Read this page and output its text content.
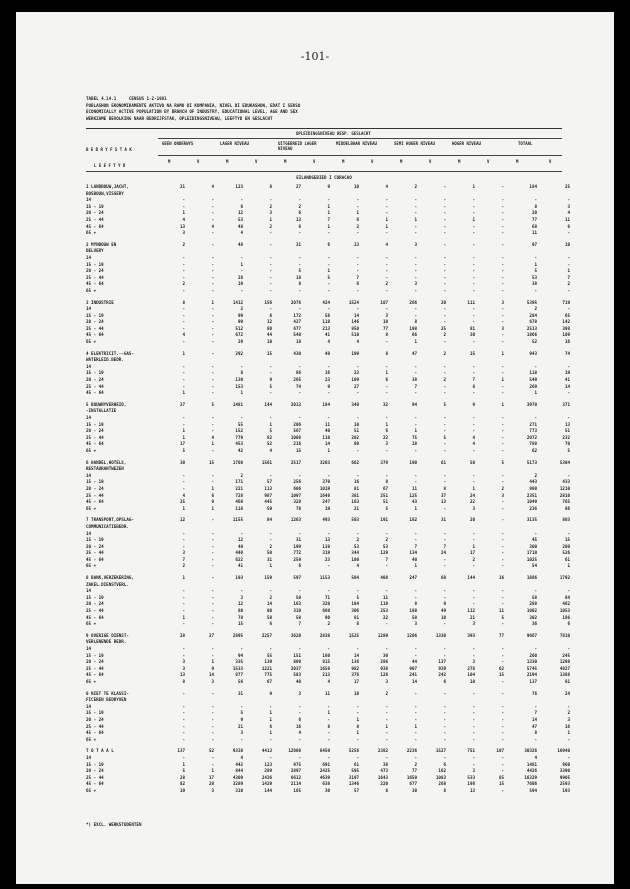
-101-
TABEL 4.14.1     CENSUS 1-2-1981
POBLASHON EKONOMIKAMENTE AKTIVO NA RAMO DI KOMPANIA, NIVEL DI EDUKASHON, EDAT I SEKSO
ECONOMICALLY ACTIVE POPULATION BY BRANCH OF INDUSTRY, EDUCATIONAL LEVEL, AGE AND SEX
WERKZAME BEVOLKING NAAR BEDRIJFSTAK, OPLEIDINGSNIVEAU, LEEFTYD EN GESLACHT
OPLEIDINGSNIVEAU RESP. GESLACHT
B E D R Y F S T A K
GEEN ONDERWYS	LAGER NIVEAU	UITGEBREID LAGER NIVEAU
MIDDELBAAR NIVEAU	SEMI HOGER NIVEAU	HOGER NIVEAU	TOTAAL
L E E F T Y D
M	V	M	V	M	V	M	V	M	V	M	V	M	V
EILANDGEBIED I CURACAO
1 LANDBOUW,JACHT,	21	4	123	8	27	9	10	4	2	-	1	-	184	25
BOSBOUW,VISSERY														
14	-	-	-	-	-	-	-	-	-	-	-	-	-	-
15 - 19	-	-	6	2	2	1	-	-	-	-	-	-	8	3
20 - 24	1	-	12	3	6	1	1	-	-	-	-	-	20	4
25 - 44	4	-	53	1	13	7	6	1	1	-	1	-	77	11
45 - 64	13	4	48	2	6	1	2	1	-	-	-	-	68	6
65 +	3	-	4	-	-	-	-	-	-	-	-	-	11	-

2 MYNBOUW EN	2	-	48	-	31	6	13	4	3	-	-	-	97	10
DELVERY														
14	-	-	-	-	-	-	-	-	-	-	-	-	-	-
15 - 19	-	-	1	-	-	-	-	-	-	-	-	-	1	-
20 - 24	-	-	-	-	5	1	-	-	-	-	-	-	5	1
25 - 44	-	-	28	-	18	5	7	-	-	-	-	-	53	7
45 - 64	2	-	19	-	8	-	6	2	3	-	-	-	38	2
65 +	-	-	-	-	-	-	-	-	-	-	-	-	-	-

3 INDUSTRIE	8	1	1412	156	2076	424	1524	107	266	20	111	3	5395	719
14	-	-	2	-	-	-	-	-	-	-	-	-	2	-
15 - 19	-	-	99	6	172	56	14	3	-	-	-	-	284	65
20 - 24	-	-	99	12	427	118	146	19	8	-	-	-	678	142
25 - 44	-	-	512	80	677	213	850	77	198	25	81	3	2513	398
45 - 64	4	-	672	44	548	41	510	8	66	2	30	-	1866	109
65 +	-	-	29	10	18	4	4	-	1	-	-	-	52	16

4 ELEKTRICIT.--GAS-	1	-	292	15	430	48	199	8	47	2	15	1	943	74
WATERLEID.BEDR.														
14	-	-	-	-	-	-	-	-	-	-	-	-	-	-
15 - 19	-	-	8	-	86	16	23	1	-	-	-	-	118	19
20 - 24	-	-	130	9	265	23	109	6	38	2	7	1	549	41
25 - 44	-	-	153	5	74	9	27	-	7	-	8	-	269	14
45 - 64	1	-	1	-	-	-	-	-	-	-	-	-	1	-

5 BOUWNYVERHEID,	27	5	1481	144	2013	184	340	32	94	5	9	1	3970	371
-INSTALLATIE														
14	-	-	-	-	-	-	-	-	-	-	-	-	-	-
15 - 19	-	-	55	1	206	11	10	1	-	-	-	-	271	13
20 - 24	1	-	152	5	567	40	51	6	1	-	-	-	773	51
25 - 44	1	4	779	82	1008	110	202	22	75	5	4	-	2072	232
45 - 64	17	1	453	52	216	14	80	3	18	-	4	-	788	70
65 +	5	-	42	4	15	1	-	-	-	-	-	-	62	5

6 HANDEL,HOTELS,	30	15	1708	1561	2517	3203	662	379	190	61	50	5	5173	5304
RESTAURANTWEZEN														
14	-	-	2	-	-	-	-	-	-	-	-	-	2	-
15 - 19	-	-	171	57	256	370	16	8	-	-	-	-	443	433
20 - 24	-	1	221	113	606	1019	81	67	11	8	1	2	980	1210
25 - 44	4	6	728	987	1097	1648	381	251	125	37	24	3	2351	2810
45 - 64	25	9	468	445	328	247	163	51	43	13	22	-	1049	765
65 +	1	1	118	59	78	19	21	5	1	-	3	-	236	86

7 TRANSPORT,OPSLAG-	12	-	1155	84	1263	493	503	191	182	31	20	-	3135	803
COMMUNICATIEBEDR.														
14	-	-	-	-	-	-	-	-	-	-	-	-	-	-
15 - 19	-	-	12	-	31	13	2	2	-	-	-	-	45	15
20 - 24	-	-	40	2	199	138	53	53	7	7	1	-	300	200
25 - 44	3	-	440	50	772	319	344	129	134	24	17	-	1710	526
45 - 64	7	-	622	31	259	23	100	7	40	-	2	-	1025	61
65 +	2	-	41	1	6	-	4	-	1	-	-	-	54	1

8 BANK,VERZEKERING,	1	-	193	159	597	1153	504	408	247	68	144	16	1686	1792
ZAKEL.DIENSTVERL.														
14	-	-	-	-	-	-	-	-	-	-	-	-	-	-
15 - 19	-	-	3	2	50	71	5	11	-	-	-	-	58	84
20 - 24	-	-	12	14	163	320	104	119	8	9	-	-	288	462
25 - 44	-	-	80	80	319	660	306	253	180	49	112	11	1002	1053
45 - 64	1	-	78	58	58	90	81	22	58	10	21	5	302	186
65 +	-	-	15	6	7	2	8	-	3	-	3	-	36	6

9 OVERIGE DIENST-	28	27	2895	2257	3620	2838	1525	1289	1206	1330	393	77	9667	7810
VERLENENDE BEDR.														
14	-	-	-	-	-	-	-	-	-	-	-	-	-	-
15 - 19	-	-	94	55	151	160	14	30	-	-	-	-	260	245
20 - 24	3	1	335	139	809	815	136	286	44	137	3	-	1330	1298
25 - 44	3	9	1533	1221	2037	1658	982	938	907	939	276	62	5745	4827
45 - 64	13	14	877	775	583	213	376	126	241	242	104	15	2194	1388
65 +	8	3	56	67	40	4	17	3	14	6	10	-	137	81

0 NIET TE KLASSI-	-	-	31	9	3	11	10	2	-	-	-	-	76	24
FICEREN BEDRYVEN														
14	-	-	-	-	-	-	-	-	-	-	-	-	-	-
15 - 19	-	-	5	1	-	1	-	-	-	-	-	-	7	2
20 - 24	-	-	9	1	6	-	1	-	-	-	-	-	14	3
25 - 44	-	-	21	6	16	8	8	1	1	-	-	-	47	16
45 - 64	-	-	3	1	4	-	1	-	-	-	-	-	8	1
65 +	-	-	-	-	-	-	-	-	-	-	-	-	-	-

T O T A A L	137	52	9338	4413	12608	8459	5256	2382	2236	1527	751	107	30326	16940
14	-	-	4	-	-	-	-	-	-	-	-	-	4	-
15 - 19	1	-	442	123	975	691	61	38	2	6	-	-	1481	860
20 - 24	5	1	844	289	2897	2425	595	473	77	162	3	-	4426	3390
25 - 44	28	17	4309	2436	6612	4639	3197	1643	1650	1083	533	85	16329	9905
45 - 64	82	28	3289	1429	2114	638	1346	220	677	268	198	15	7606	2593
65 +	19	3	310	144	165	30	57	8	30	8	13	-	594	193
*) EXCL. WERKSTUDENTEN
